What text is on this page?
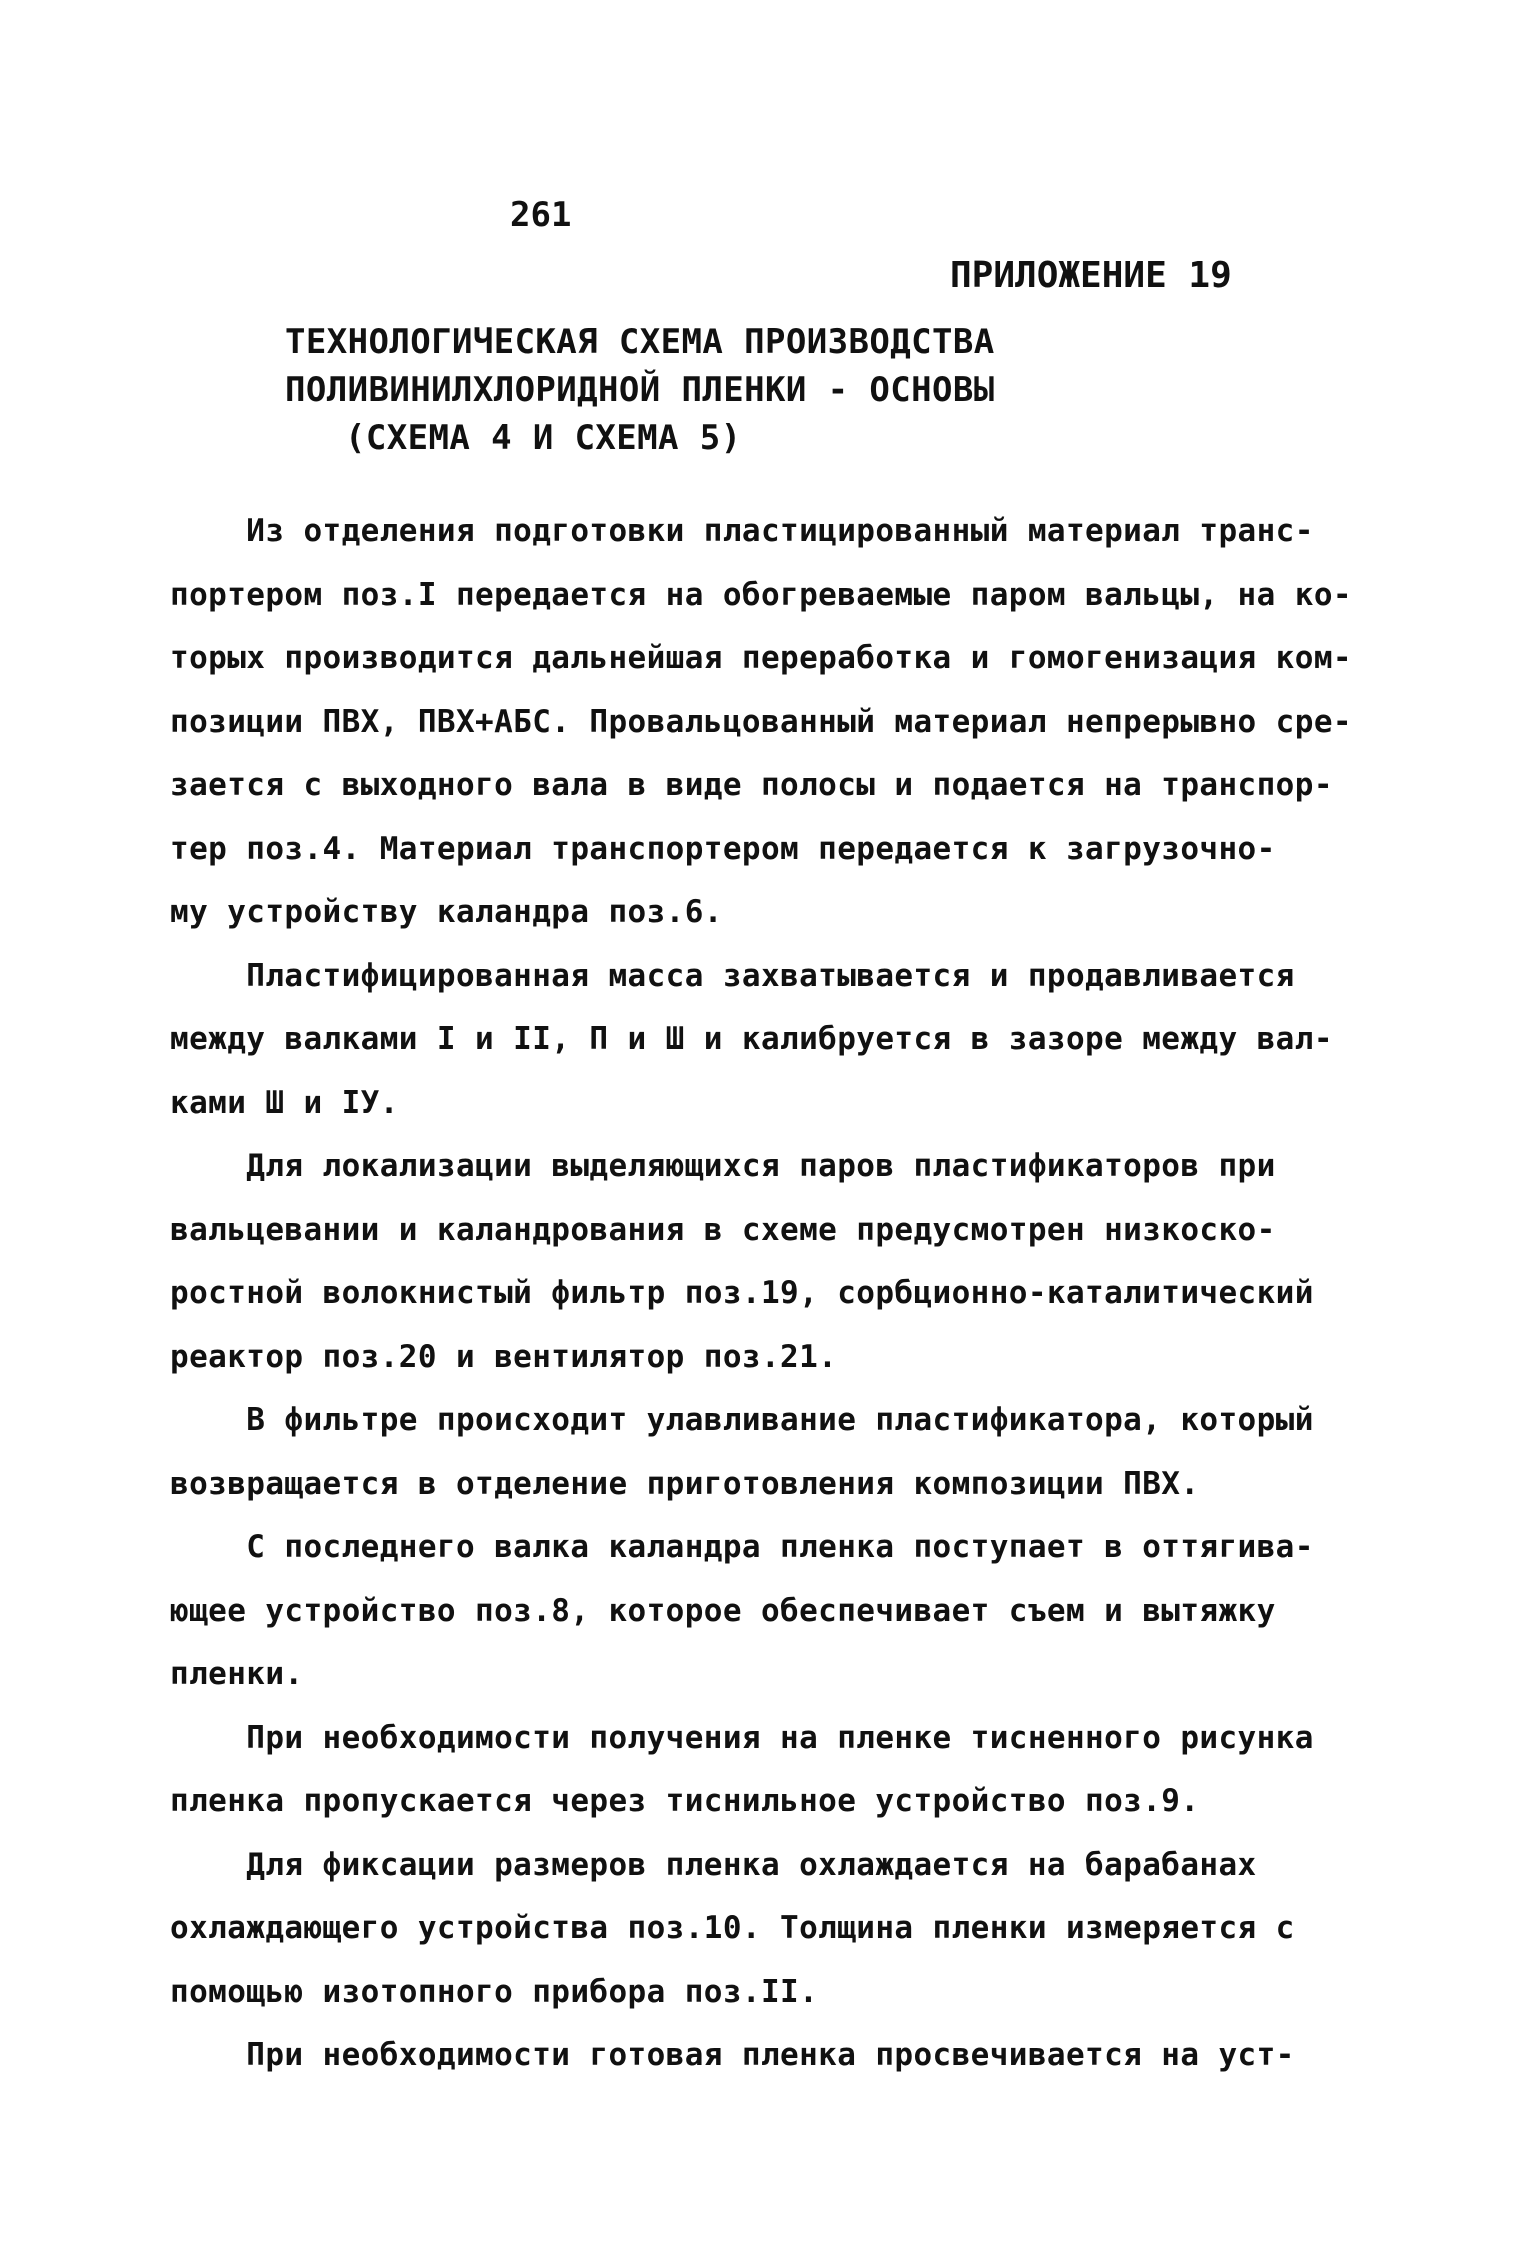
261
ПРИЛОЖЕНИЕ 19
ТЕХНОЛОГИЧЕСКАЯ СХЕМА ПРОИЗВОДСТВА
ПОЛИВИНИЛХЛОРИДНОЙ ПЛЕНКИ - ОСНОВЫ
(СХЕМА 4 И СХЕМА 5)
Из отделения подготовки пластицированный материал транс-
портером поз.I передается на обогреваемые паром вальцы, на ко-
торых производится дальнейшая переработка и гомогенизация ком-
позиции ПВХ, ПВХ+АБС. Провальцованный материал непрерывно сре-
зается с выходного вала в виде полосы и подается на транспор-
тер поз.4. Материал транспортером передается к загрузочно-
му устройству каландра поз.6.
Пластифицированная масса захватывается и продавливается
между валками I и II, П и Ш и калибруется в зазоре между вал-
ками Ш и IУ.
Для локализации выделяющихся паров пластификаторов при
вальцевании и каландрования в схеме предусмотрен низкоско-
ростной волокнистый фильтр поз.19, сорбционно-каталитический
реактор поз.20 и вентилятор поз.21.
В фильтре происходит улавливание пластификатора, который
возвращается в отделение приготовления композиции ПВХ.
С последнего валка каландра пленка поступает в оттягива-
ющее устройство поз.8, которое обеспечивает съем и вытяжку
пленки.
При необходимости получения на пленке тисненного рисунка
пленка пропускается через тиснильное устройство поз.9.
Для фиксации размеров пленка охлаждается на барабанах
охлаждающего устройства поз.10. Толщина пленки измеряется с
помощью изотопного прибора поз.II.
При необходимости готовая пленка просвечивается на уст-
